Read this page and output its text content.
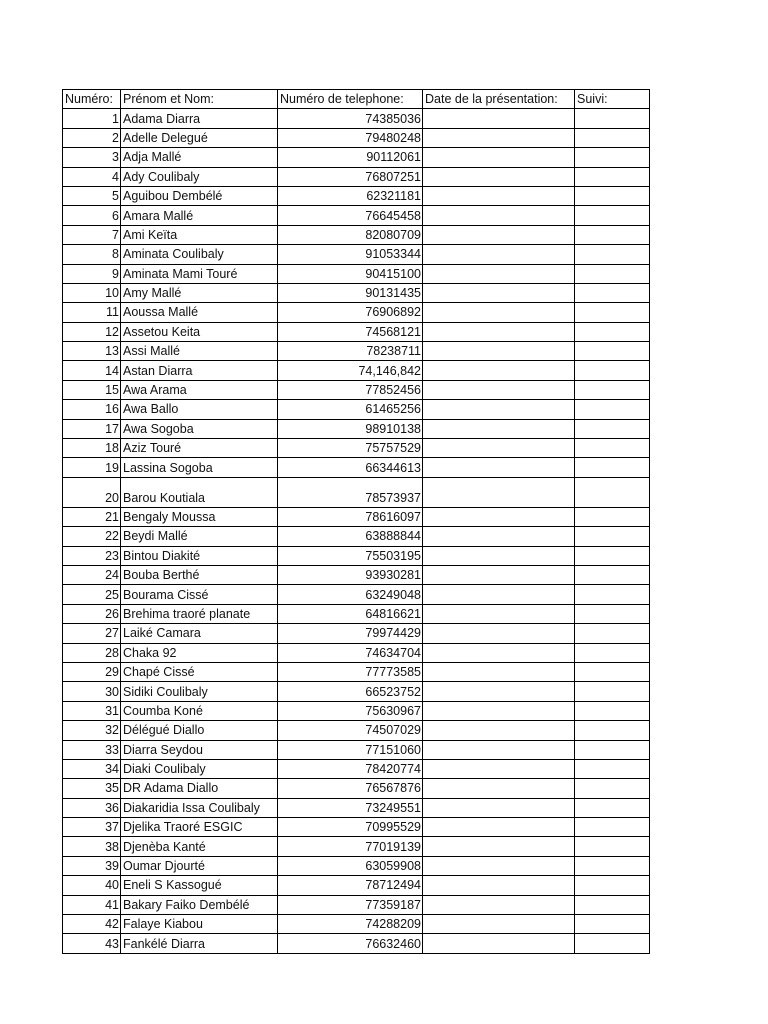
Numéro:	Prénom et Nom:	Numéro de telephone:	Date de la présentation:	Suivi:
1	Adama Diarra	74385036		
2	Adelle Delegué	79480248		
3	Adja Mallé	90112061		
4	Ady Coulibaly	76807251		
5	Aguibou Dembélé	62321181		
6	Amara Mallé	76645458		
7	Ami Keïta	82080709		
8	Aminata Coulibaly	91053344		
9	Aminata Mami Touré	90415100		
10	Amy Mallé	90131435		
11	Aoussa Mallé	76906892		
12	Assetou Keita	74568121		
13	Assi Mallé	78238711		
14	Astan Diarra	74,146,842		
15	Awa Arama	77852456		
16	Awa Ballo	61465256		
17	Awa Sogoba	98910138		
18	Aziz Touré	75757529		
19	Lassina Sogoba	66344613		
20	Barou Koutiala	78573937		
21	Bengaly Moussa	78616097		
22	Beydi Mallé	63888844		
23	Bintou Diakité	75503195		
24	Bouba Berthé	93930281		
25	Bourama Cissé	63249048		
26	Brehima traoré planate	64816621		
27	Laiké Camara	79974429		
28	Chaka 92	74634704		
29	Chapé Cissé	77773585		
30	Sidiki Coulibaly	66523752		
31	Coumba Koné	75630967		
32	Délégué Diallo	74507029		
33	Diarra Seydou	77151060		
34	Diaki Coulibaly	78420774		
35	DR Adama Diallo	76567876		
36	Diakaridia Issa Coulibaly	73249551		
37	Djelika Traoré ESGIC	70995529		
38	Djenèba Kanté	77019139		
39	Oumar Djourté	63059908		
40	Eneli S Kassogué	78712494		
41	Bakary Faiko Dembélé	77359187		
42	Falaye Kiabou	74288209		
43	Fankélé Diarra	76632460		
